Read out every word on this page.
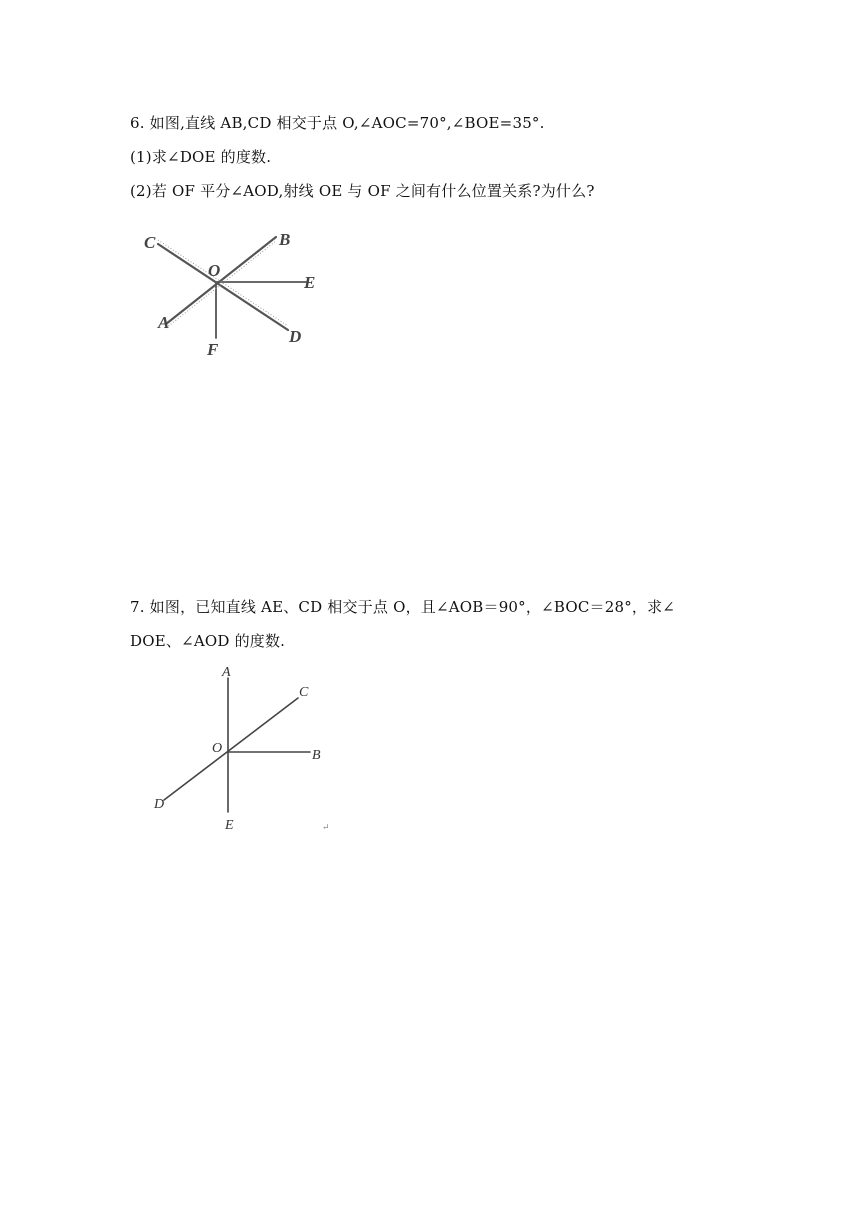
6. 如图,直线 AB,CD 相交于点 O,∠AOC=70°,∠BOE=35°.
(1)求∠DOE 的度数.
(2)若 OF 平分∠AOD,射线 OE 与 OF 之间有什么位置关系?为什么?
C	B
O
E
A
D
F
7. 如图，已知直线 AE、CD 相交于点 O，且∠AOB＝90°，∠BOC＝28°，求∠
DOE、∠AOD 的度数.
A
C
O	B
D
E	↵
